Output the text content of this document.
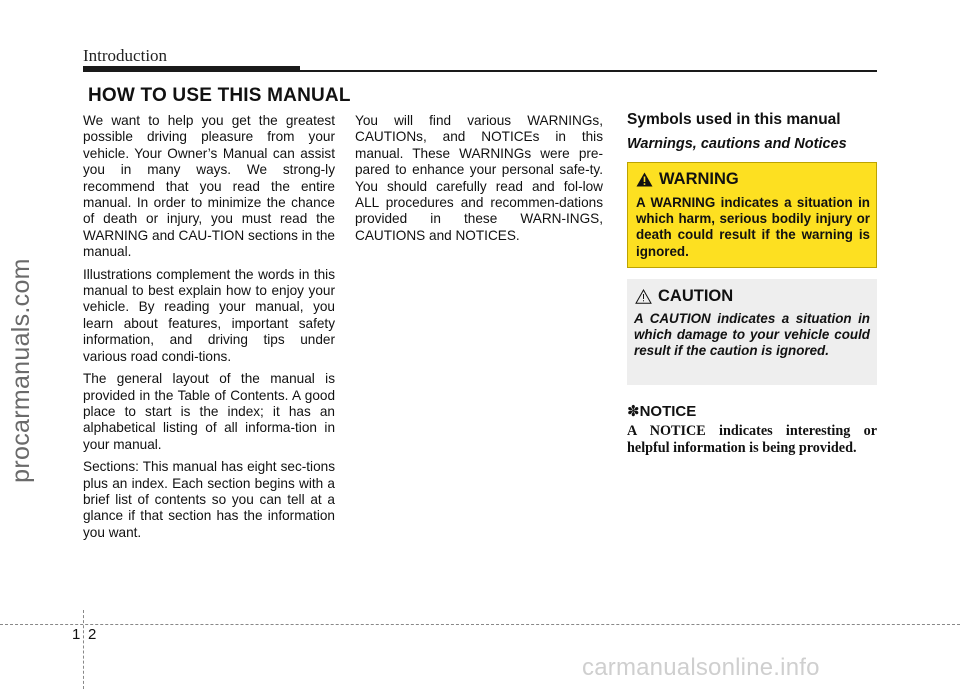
Introduction
HOW TO USE THIS MANUAL

We want to help you get the greatest possible driving pleasure from your vehicle. Your Owner’s Manual can assist you in many ways. We strong-ly recommend that you read the entire manual. In order to minimize the chance of death or injury, you must read the WARNING and CAU-TION sections in the manual.

Illustrations complement the words in this manual to best explain how to enjoy your vehicle. By reading your manual, you learn about features, important safety information, and driving tips under various road condi-tions.

The general layout of the manual is provided in the Table of Contents. A good place to start is the index; it has an alphabetical listing of all informa-tion in your manual.

Sections: This manual has eight sec-tions plus an index. Each section begins with a brief list of contents so you can tell at a glance if that section has the information you want.

You will find various WARNINGs, CAUTIONs, and NOTICEs in this manual. These WARNINGs were pre-pared to enhance your personal safe-ty. You should carefully read and fol-low ALL procedures and recommen-dations provided in these WARN-INGS, CAUTIONS and NOTICES.

Symbols used in this manual
Warnings, cautions and Notices
WARNING
A WARNING indicates a situation in which harm, serious bodily injury or death could result if the warning is ignored.
CAUTION
A CAUTION indicates a situation in which damage to your vehicle could result if the caution is ignored.
✽ NOTICE
A NOTICE indicates interesting or helpful information is being provided.
1 2
procarmanuals.com
carmanualsonline.info
